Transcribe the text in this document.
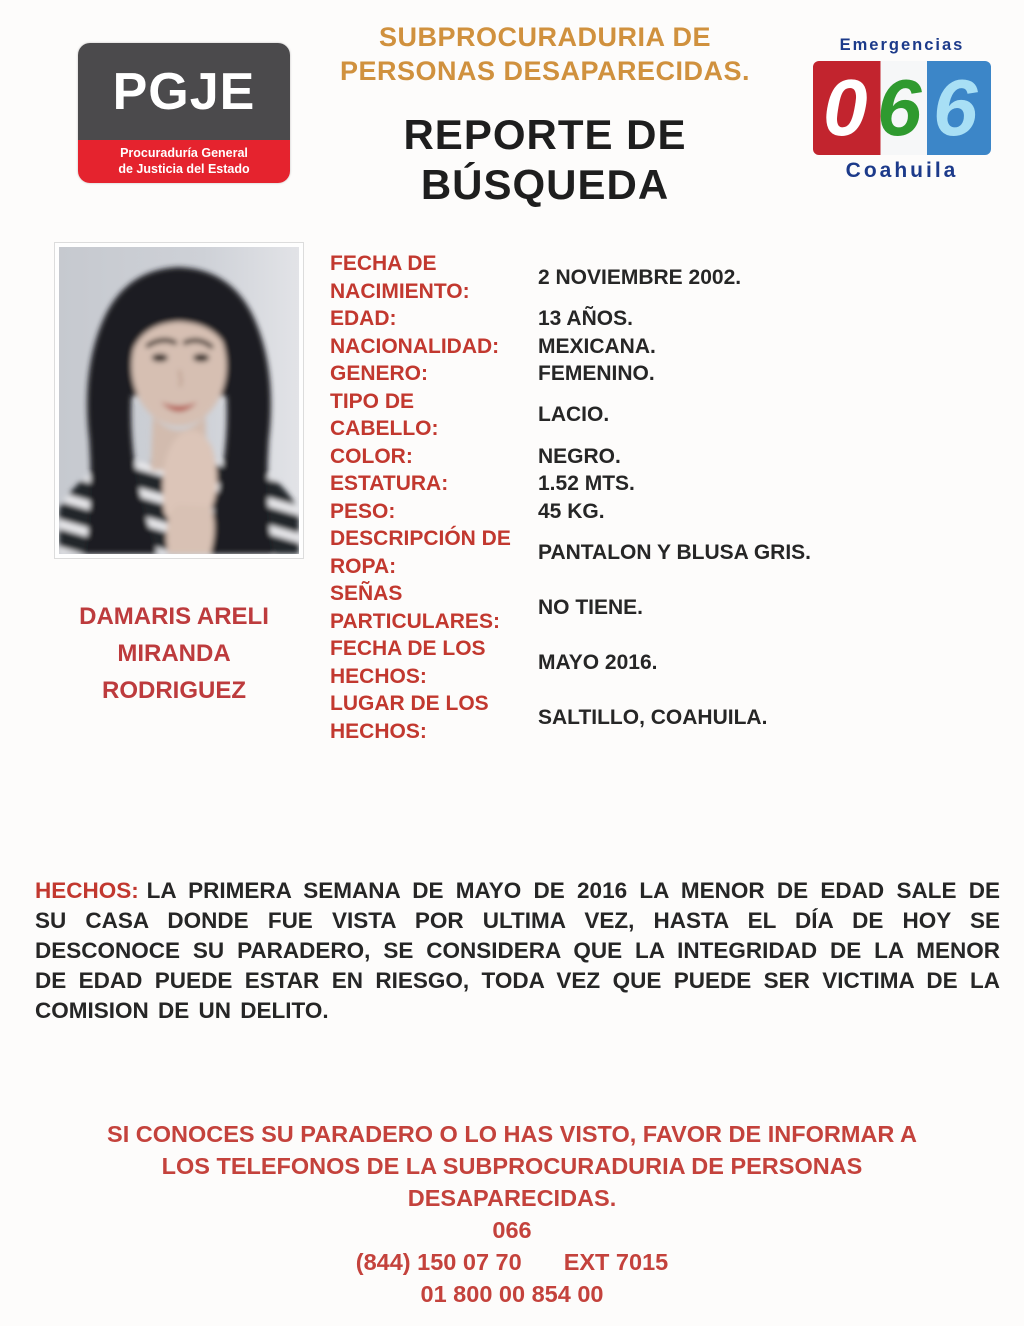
PGJE
Procuraduría General
de Justicia del Estado
SUBPROCURADURIA DE
PERSONAS DESAPARECIDAS.
REPORTE DE BÚSQUEDA
Emergencias
0 6 6
Coahuila
DAMARIS ARELI
MIRANDA
RODRIGUEZ
FECHA DE NACIMIENTO:
2 NOVIEMBRE 2002.
EDAD:	13 AÑOS.
NACIONALIDAD:	MEXICANA.
GENERO:	FEMENINO.
TIPO DE CABELLO:
LACIO.
COLOR:	NEGRO.
ESTATURA:	1.52 MTS.
PESO:	45 KG.
DESCRIPCIÓN DE ROPA:
PANTALON Y BLUSA GRIS.
SEÑAS PARTICULARES:
NO TIENE.
FECHA DE LOS HECHOS:
MAYO 2016.
LUGAR DE LOS HECHOS:
SALTILLO, COAHUILA.
HECHOS: LA PRIMERA SEMANA DE MAYO DE 2016 LA MENOR DE EDAD SALE DE SU CASA DONDE FUE VISTA POR ULTIMA VEZ, HASTA EL DÍA DE HOY SE DESCONOCE SU PARADERO, SE CONSIDERA QUE LA INTEGRIDAD DE LA MENOR DE EDAD PUEDE ESTAR EN RIESGO, TODA VEZ QUE PUEDE SER VICTIMA DE LA COMISION DE UN DELITO.
SI CONOCES SU PARADERO O LO HAS VISTO, FAVOR DE INFORMAR A
LOS TELEFONOS DE LA SUBPROCURADURIA DE PERSONAS
DESAPARECIDAS.
066
(844) 150 07 70 EXT 7015
01 800 00 854 00
